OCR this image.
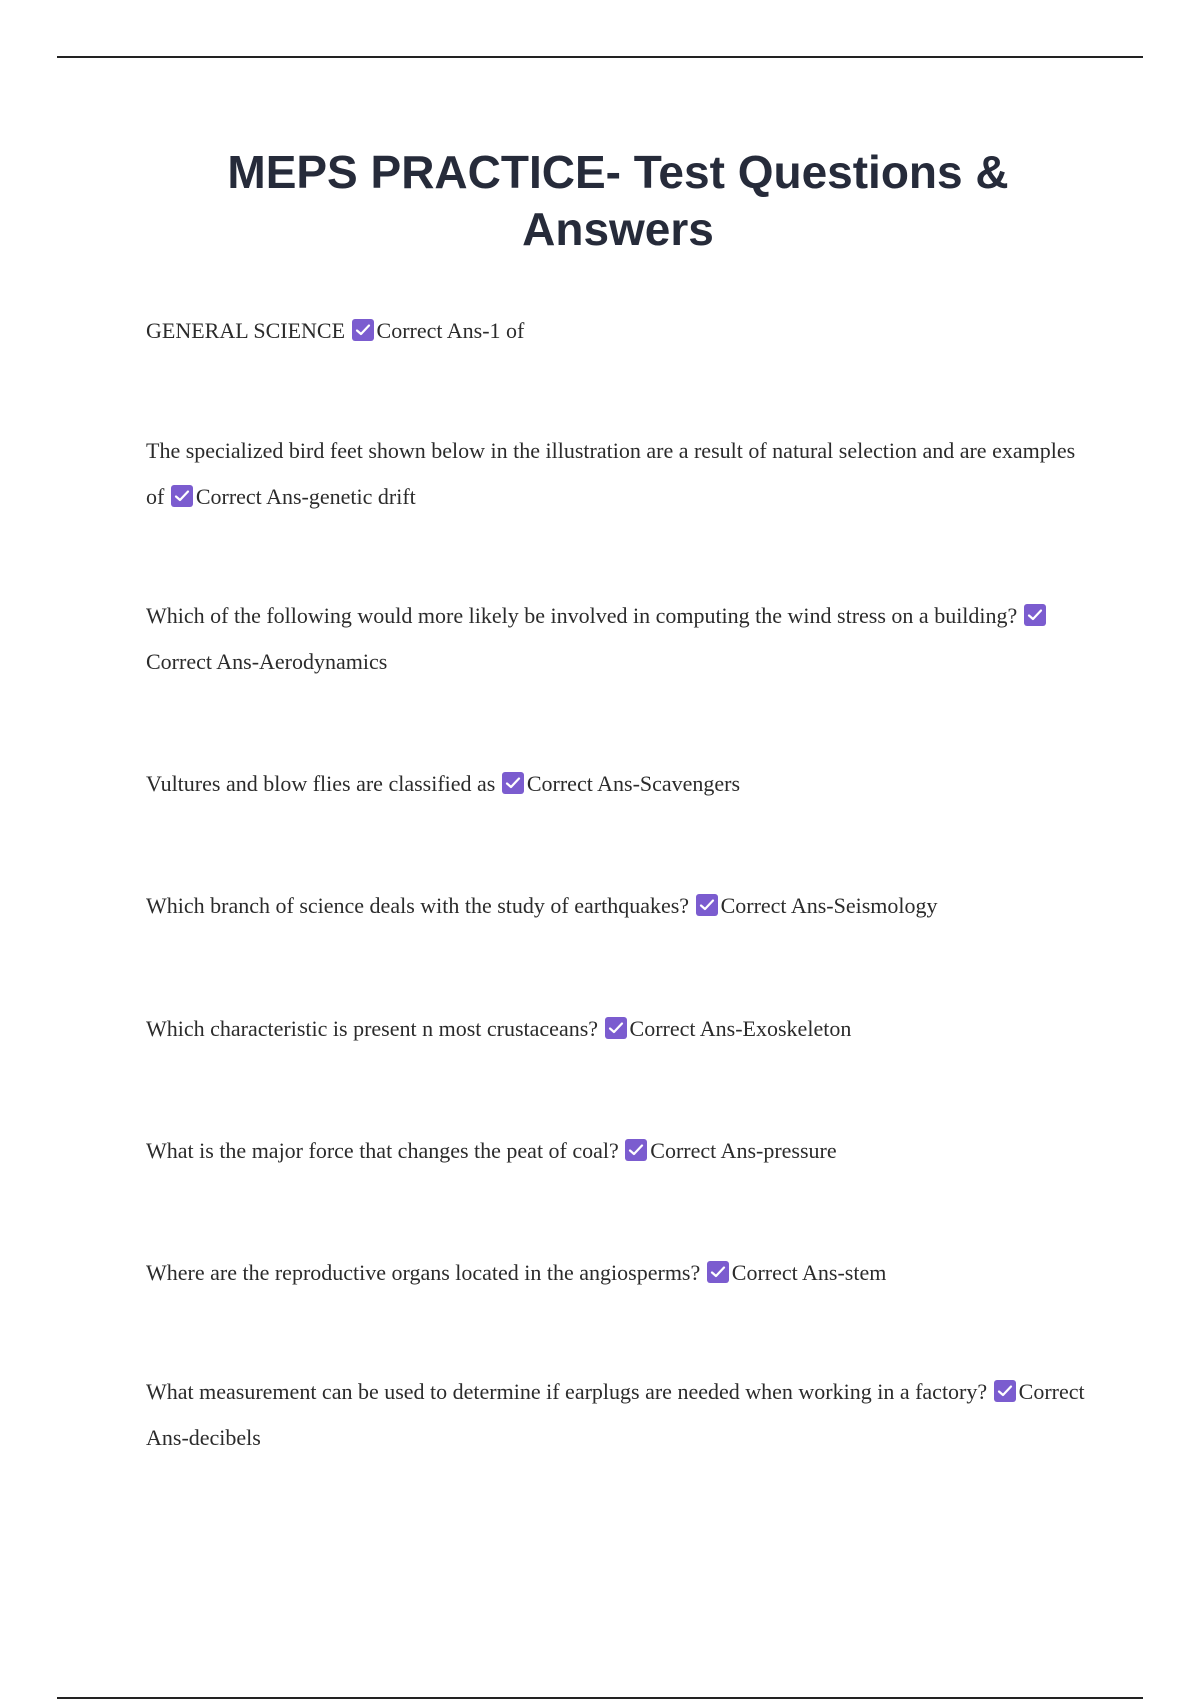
MEPS PRACTICE- Test Questions & Answers

GENERAL SCIENCE Correct Ans-1 of

The specialized bird feet shown below in the illustration are a result of natural selection and are examples of Correct Ans-genetic drift

Which of the following would more likely be involved in computing the wind stress on a building?
Correct Ans-Aerodynamics

Vultures and blow flies are classified as Correct Ans-Scavengers

Which branch of science deals with the study of earthquakes? Correct Ans-Seismology

Which characteristic is present n most crustaceans? Correct Ans-Exoskeleton

What is the major force that changes the peat of coal? Correct Ans-pressure

Where are the reproductive organs located in the angiosperms? Correct Ans-stem

What measurement can be used to determine if earplugs are needed when working in a factory? Correct Ans-decibels
